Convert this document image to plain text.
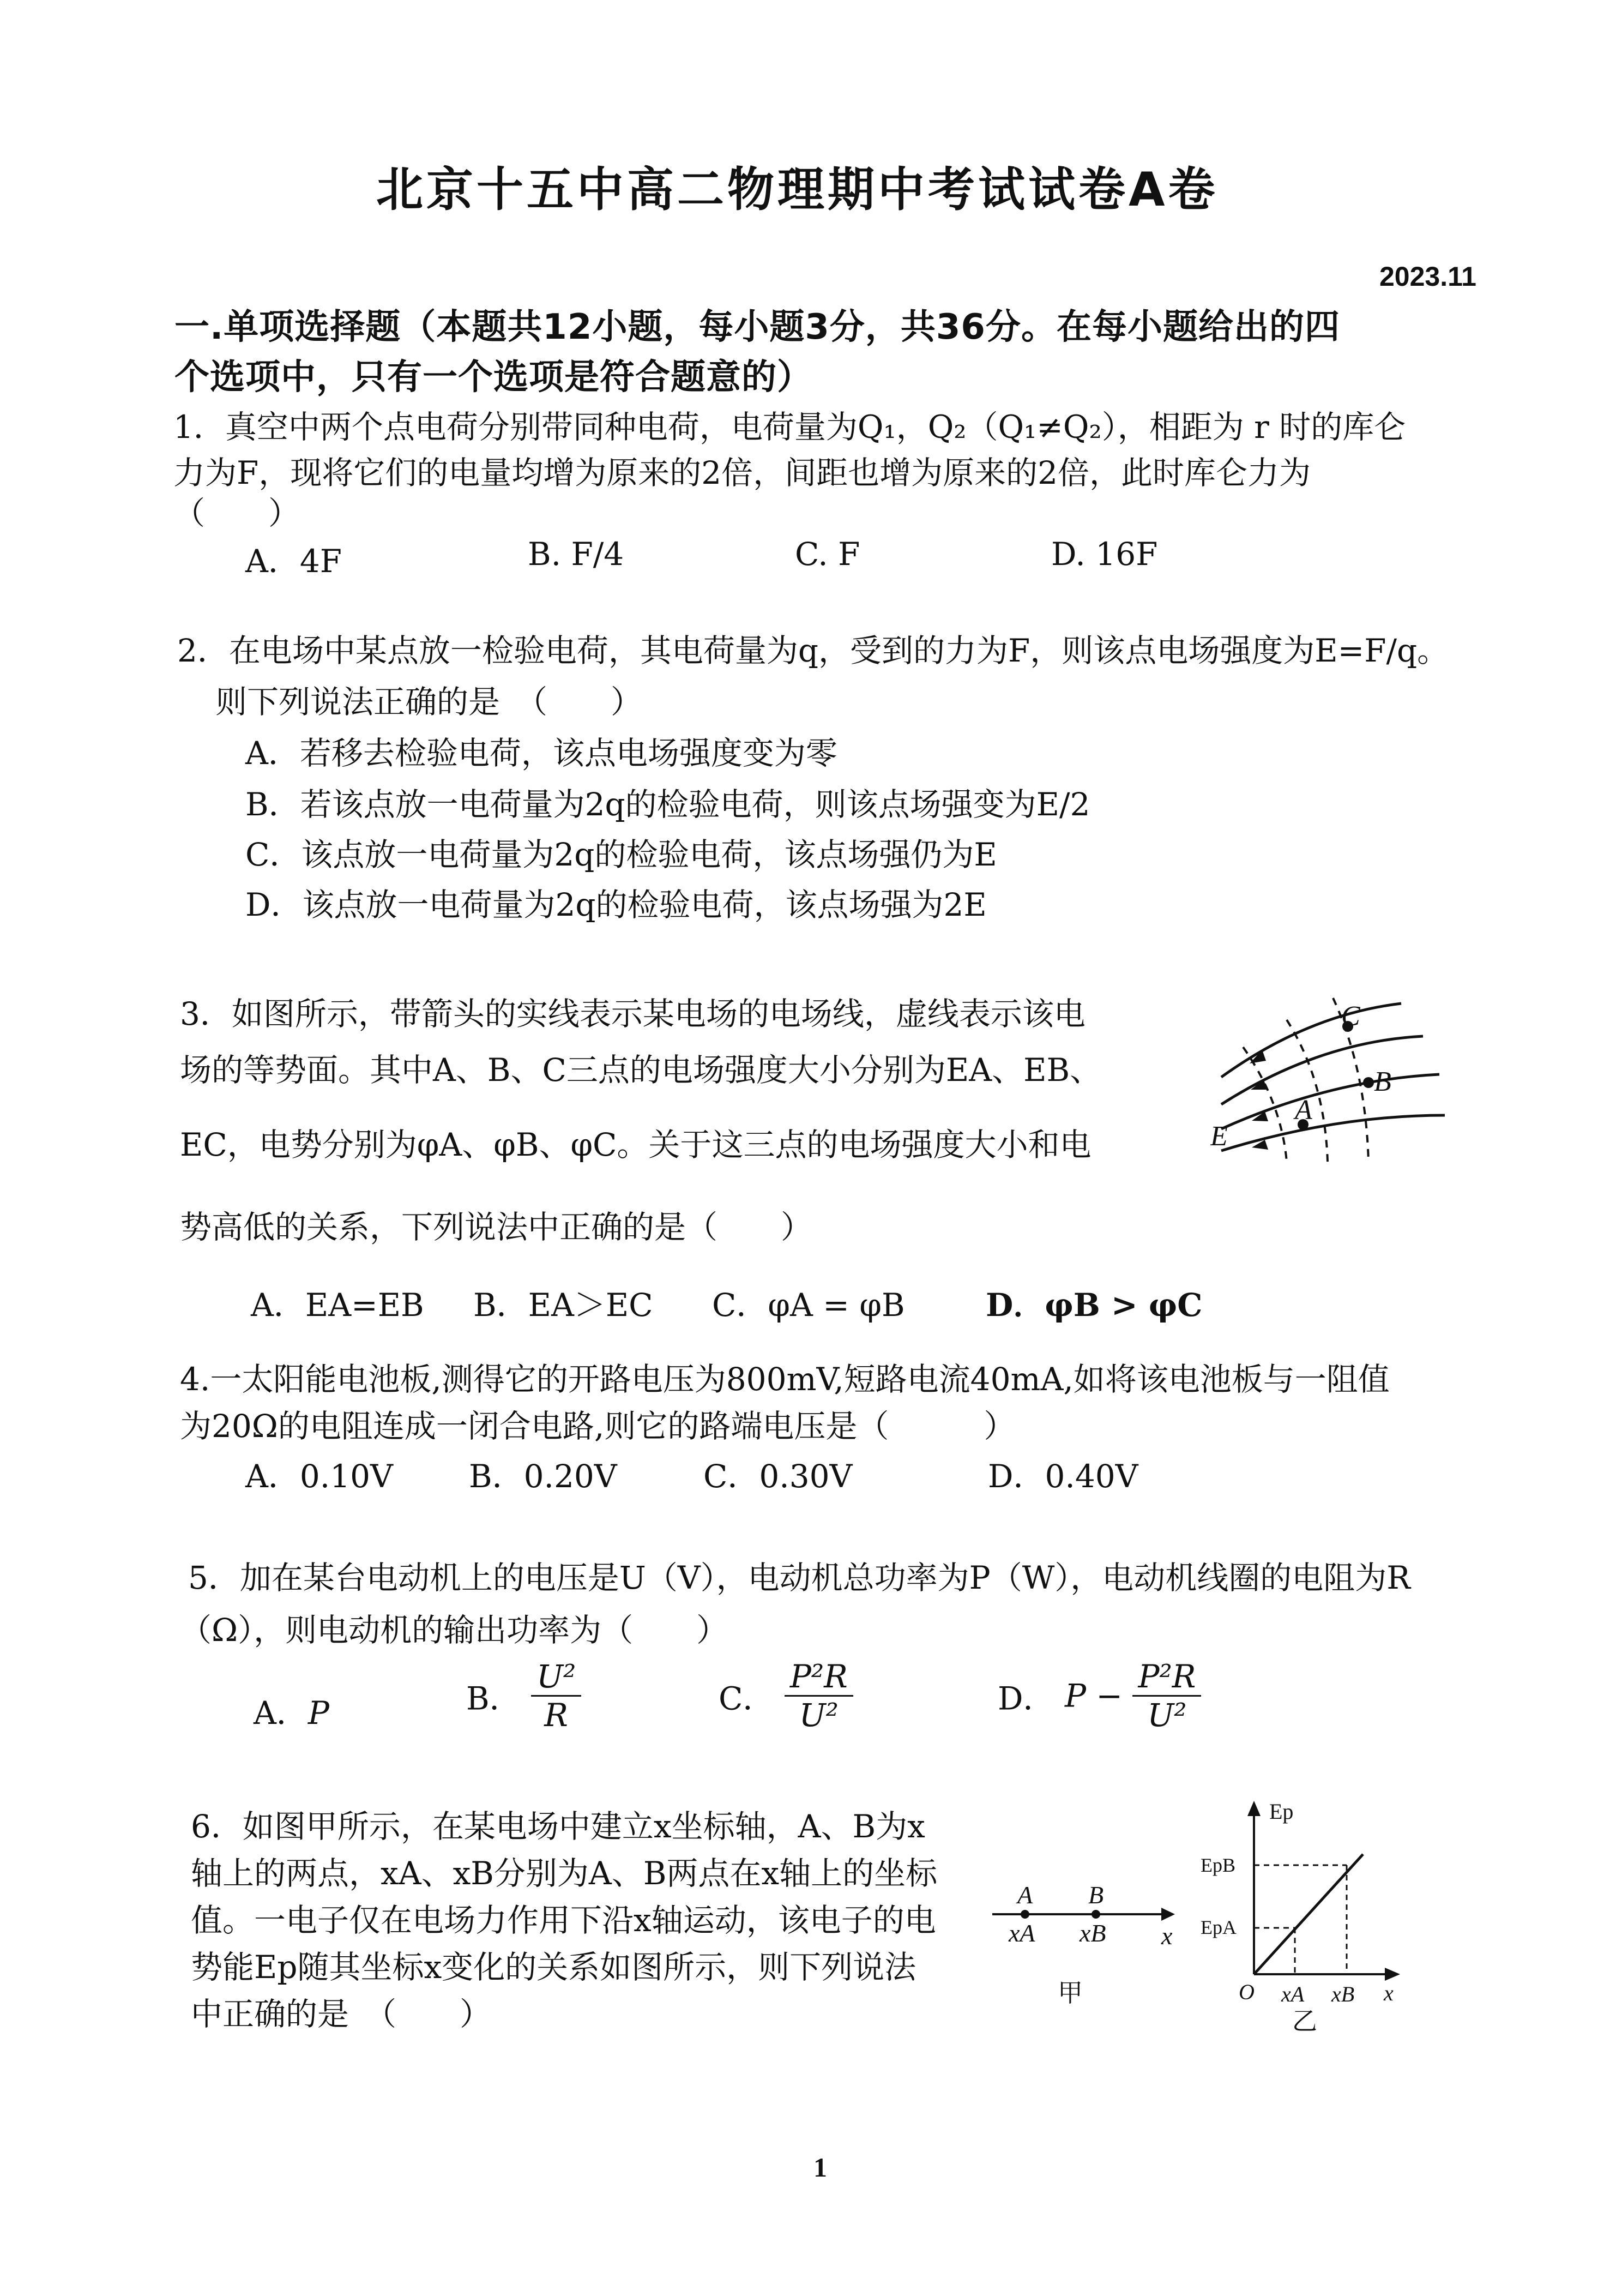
北京十五中高二物理期中考试试卷A卷
2023.11
一.单项选择题（本题共12小题，每小题3分，共36分。在每小题给出的四
个选项中，只有一个选项是符合题意的）
1．真空中两个点电荷分别带同种电荷，电荷量为Q₁，Q₂（Q₁≠Q₂），相距为 r 时的库仑
力为F，现将它们的电量均增为原来的2倍，间距也增为原来的2倍，此时库仑力为
（　　）
A．4F	B. F/4	C. F	D. 16F
2．在电场中某点放一检验电荷，其电荷量为q，受到的力为F，则该点电场强度为E=F/q。
则下列说法正确的是　（　　）
A．若移去检验电荷，该点电场强度变为零
B．若该点放一电荷量为2q的检验电荷，则该点场强变为E/2
C．该点放一电荷量为2q的检验电荷，该点场强仍为E
D．该点放一电荷量为2q的检验电荷，该点场强为2E
3．如图所示，带箭头的实线表示某电场的电场线，虚线表示该电
场的等势面。其中A、B、C三点的电场强度大小分别为EA、EB、
EC，电势分别为φA、φB、φC。关于这三点的电场强度大小和电
势高低的关系，下列说法中正确的是（　　）
A．EA=EB B．EA＞EC C．φA = φB	D．φB > φC
C
B
A
E
4.一太阳能电池板,测得它的开路电压为800mV,短路电流40mA,如将该电池板与一阻值
为20Ω的电阻连成一闭合电路,则它的路端电压是（　　　）
A．0.10V B．0.20V	C．0.30V	D．0.40V
5．加在某台电动机上的电压是U（V），电动机总功率为P（W），电动机线圈的电阻为R
（Ω），则电动机的输出功率为（　　）
A．P	B． $\frac{\text{U²}}{R}$	C． $\frac{\text{P²R}}{\text{U²}}$	D． $P - \frac{\text{P²R}}{\text{U²}}$
6．如图甲所示，在某电场中建立x坐标轴，A、B为x
轴上的两点，xA、xB分别为A、B两点在x轴上的坐标
值。一电子仅在电场力作用下沿x轴运动，该电子的电
势能Ep随其坐标x变化的关系如图所示，则下列说法
中正确的是　（　　）
A B
xA xB x
甲
Ep
EpB
EpA
O xA xB x
乙
1
